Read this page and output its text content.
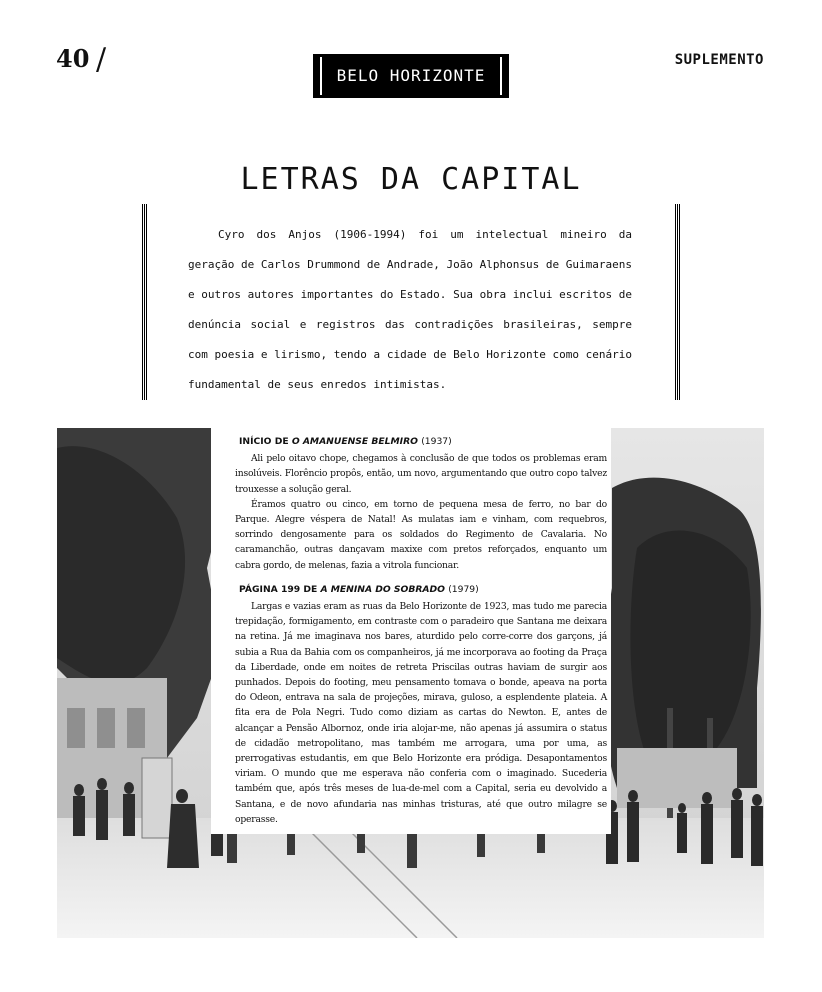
40 /	BELO HORIZONTE
SUPLEMENTO
LETRAS DA CAPITAL

Cyro dos Anjos (1906-1994) foi um intelectual mineiro da geração de Carlos Drummond de Andrade, João Alphonsus de Guimaraens e outros autores importantes do Estado. Sua obra inclui escritos de denúncia social e registros das contradições brasileiras, sempre com poesia e lirismo, tendo a cidade de Belo Horizonte como cenário fundamental de seus enredos intimistas.

INÍCIO DE O AMANUENSE BELMIRO (1937)

Ali pelo oitavo chope, chegamos à conclusão de que todos os problemas eram insolúveis. Florêncio propôs, então, um novo, argumentando que outro copo talvez trouxesse a solução geral.

Éramos quatro ou cinco, em torno de pequena mesa de ferro, no bar do Parque. Alegre véspera de Natal! As mulatas iam e vinham, com requebros, sorrindo dengosamente para os soldados do Regimento de Cavalaria. No caramanchão, outras dançavam maxixe com pretos reforçados, enquanto um cabra gordo, de melenas, fazia a vitrola funcionar.

PÁGINA 199 DE A MENINA DO SOBRADO (1979)

Largas e vazias eram as ruas da Belo Horizonte de 1923, mas tudo me parecia trepidação, formigamento, em contraste com o paradeiro que Santana me deixara na retina. Já me imaginava nos bares, aturdido pelo corre-corre dos garçons, já subia a Rua da Bahia com os companheiros, já me incorporava ao footing da Praça da Liberdade, onde em noites de retreta Priscilas outras haviam de surgir aos punhados. Depois do footing, meu pensamento tomava o bonde, apeava na porta do Odeon, entrava na sala de projeções, mirava, guloso, a esplendente plateia. A fita era de Pola Negri. Tudo como diziam as cartas do Newton. E, antes de alcançar a Pensão Albornoz, onde iria alojar-me, não apenas já assumira o status de cidadão metropolitano, mas também me arrogara, uma por uma, as prerrogativas estudantis, em que Belo Horizonte era pródiga. Desapontamentos viriam. O mundo que me esperava não conferia com o imaginado. Sucederia também que, após três meses de lua-de-mel com a Capital, seria eu devolvido a Santana, e de novo afundaria nas minhas tristuras, até que outro milagre se operasse.
